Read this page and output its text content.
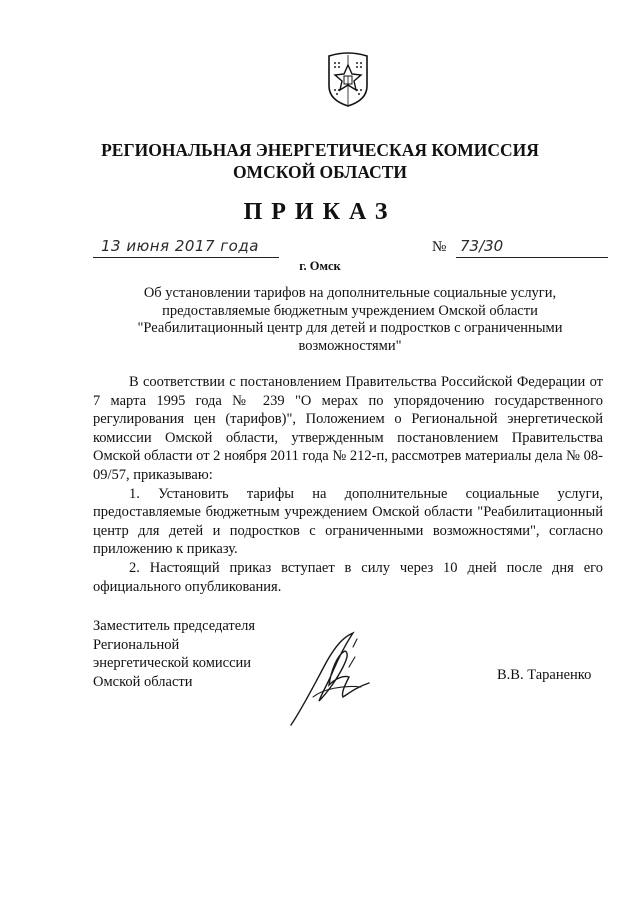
РЕГИОНАЛЬНАЯ ЭНЕРГЕТИЧЕСКАЯ КОМИССИЯ
ОМСКОЙ ОБЛАСТИ
ПРИКАЗ
13 июня 2017 года	№ 73/30
г. Омск
Об установлении тарифов на дополнительные социальные услуги,
предоставляемые бюджетным учреждением Омской области
"Реабилитационный центр для детей и подростков с ограниченными
возможностями"

В соответствии с постановлением Правительства Российской Федерации от 7 марта 1995 года № 239 "О мерах по упорядочению государственного регулирования цен (тарифов)", Положением о Региональной энергетической комиссии Омской области, утвержденным постановлением Правительства Омской области от 2 ноября 2011 года № 212-п, рассмотрев материалы дела № 08-09/57, приказываю:

1. Установить тарифы на дополнительные социальные услуги, предоставляемые бюджетным учреждением Омской области "Реабилитационный центр для детей и подростков с ограниченными возможностями", согласно приложению к приказу.

2. Настоящий приказ вступает в силу через 10 дней после дня его официального опубликования.

Заместитель председателя
Региональной
энергетической комиссии
Омской области	В.В. Тараненко
